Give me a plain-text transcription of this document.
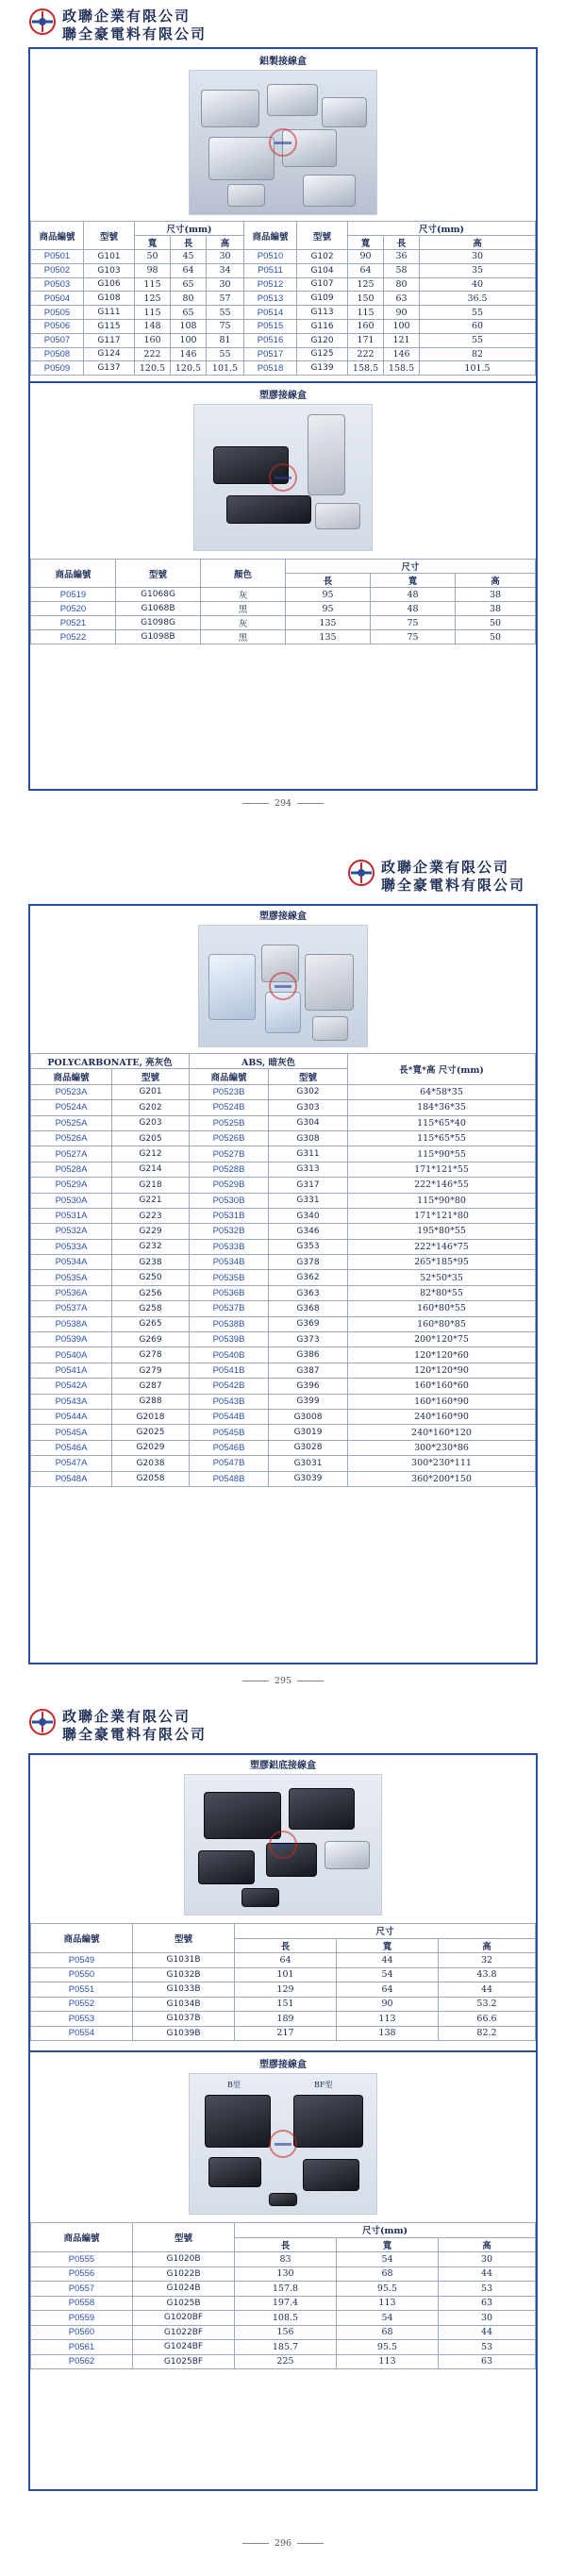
政聯企業有限公司
聯全豪電料有限公司
鋁製接線盒
商品編號	型號	尺寸(mm)			商品編號	型號	尺寸(mm)		
		寬	長	高			寬	長	高
P0501	G101	50	45	30	P0510	G102	90	36	30
P0502	G103	98	64	34	P0511	G104	64	58	35
P0503	G106	115	65	30	P0512	G107	125	80	40
P0504	G108	125	80	57	P0513	G109	150	63	36.5
P0505	G111	115	65	55	P0514	G113	115	90	55
P0506	G115	148	108	75	P0515	G116	160	100	60
P0507	G117	160	100	81	P0516	G120	171	121	55
P0508	G124	222	146	55	P0517	G125	222	146	82
P0509	G137	120.5	120.5	101.5	P0518	G139	158.5	158.5	101.5
塑膠接線盒
商品編號	型號	顏色	尺寸		
			長	寬	高
P0519	G1068G	灰	95	48	38
P0520	G1068B	黑	95	48	38
P0521	G1098G	灰	135	75	50
P0522	G1098B	黑	135	75	50
294
政聯企業有限公司
聯全豪電料有限公司
塑膠接線盒
POLYCARBONATE, 亮灰色		ABS, 暗灰色		長*寬*高 尺寸(mm)
商品編號	型號	商品編號	型號	
P0523A	G201	P0523B	G302	64*58*35
P0524A	G202	P0524B	G303	184*36*35
P0525A	G203	P0525B	G304	115*65*40
P0526A	G205	P0526B	G308	115*65*55
P0527A	G212	P0527B	G311	115*90*55
P0528A	G214	P0528B	G313	171*121*55
P0529A	G218	P0529B	G317	222*146*55
P0530A	G221	P0530B	G331	115*90*80
P0531A	G223	P0531B	G340	171*121*80
P0532A	G229	P0532B	G346	195*80*55
P0533A	G232	P0533B	G353	222*146*75
P0534A	G238	P0534B	G378	265*185*95
P0535A	G250	P0535B	G362	52*50*35
P0536A	G256	P0536B	G363	82*80*55
P0537A	G258	P0537B	G368	160*80*55
P0538A	G265	P0538B	G369	160*80*85
P0539A	G269	P0539B	G373	200*120*75
P0540A	G278	P0540B	G386	120*120*60
P0541A	G279	P0541B	G387	120*120*90
P0542A	G287	P0542B	G396	160*160*60
P0543A	G288	P0543B	G399	160*160*90
P0544A	G2018	P0544B	G3008	240*160*90
P0545A	G2025	P0545B	G3019	240*160*120
P0546A	G2029	P0546B	G3028	300*230*86
P0547A	G2038	P0547B	G3031	300*230*111
P0548A	G2058	P0548B	G3039	360*200*150
295
政聯企業有限公司
聯全豪電料有限公司
塑膠鋁底接線盒
商品編號	型號	尺寸		
		長	寬	高
P0549	G1031B	64	44	32
P0550	G1032B	101	54	43.8
P0551	G1033B	129	64	44
P0552	G1034B	151	90	53.2
P0553	G1037B	189	113	66.6
P0554	G1039B	217	138	82.2
塑膠接線盒
B型	BF型
商品編號	型號	尺寸(mm)		
		長	寬	高
P0555	G1020B	83	54	30
P0556	G1022B	130	68	44
P0557	G1024B	157.8	95.5	53
P0558	G1025B	197.4	113	63
P0559	G1020BF	108.5	54	30
P0560	G1022BF	156	68	44
P0561	G1024BF	185.7	95.5	53
P0562	G1025BF	225	113	63
296
